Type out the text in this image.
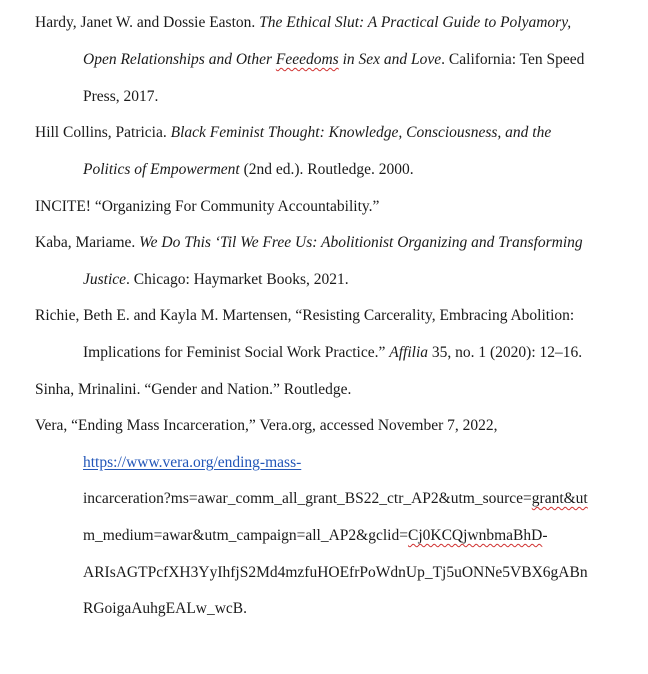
Hardy, Janet W. and Dossie Easton. The Ethical Slut: A Practical Guide to Polyamory,
Open Relationships and Other Feeedoms in Sex and Love. California: Ten Speed
Press, 2017.
Hill Collins, Patricia. Black Feminist Thought: Knowledge, Consciousness, and the
Politics of Empowerment (2nd ed.). Routledge. 2000.
INCITE! “Organizing For Community Accountability.”
Kaba, Mariame. We Do This ‘Til We Free Us: Abolitionist Organizing and Transforming
Justice. Chicago: Haymarket Books, 2021.
Richie, Beth E. and Kayla M. Martensen, “Resisting Carcerality, Embracing Abolition:
Implications for Feminist Social Work Practice.” Affilia 35, no. 1 (2020): 12–16.
Sinha, Mrinalini. “Gender and Nation.” Routledge.
Vera, “Ending Mass Incarceration,” Vera.org, accessed November 7, 2022,
https://www.vera.org/ending-mass-
incarceration?ms=awar_comm_all_grant_BS22_ctr_AP2&utm_source=grant&ut
m_medium=awar&utm_campaign=all_AP2&gclid=Cj0KCQjwnbmaBhD-
ARIsAGTPcfXH3YyIhfjS2Md4mzfuHOEfrPoWdnUp_Tj5uONNe5VBX6gABn
RGoigaAuhgEALw_wcB.
